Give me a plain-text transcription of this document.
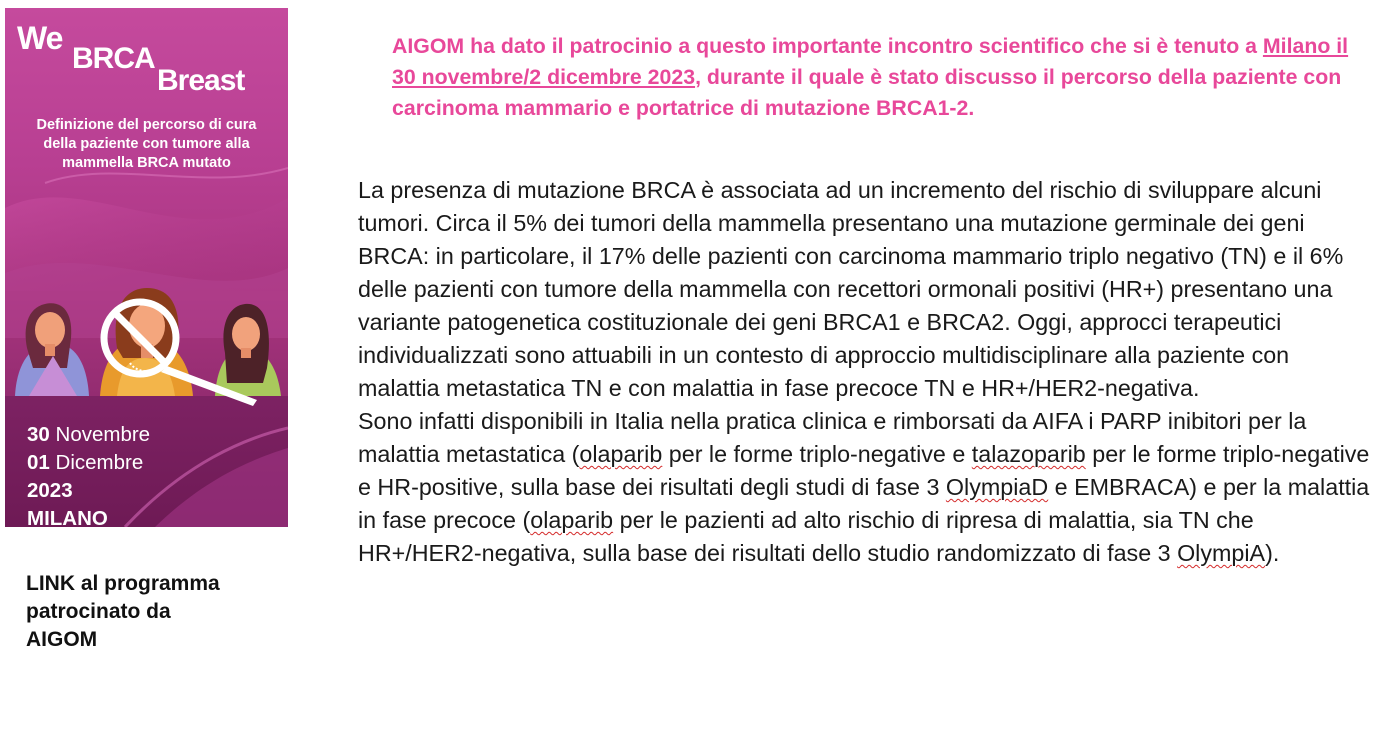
We
BRCA
Breast
Definizione del percorso di cura della paziente con tumore alla mammella BRCA mutato
30 Novembre
01 Dicembre
2023
MILANO
LINK al programma patrocinato da AIGOM
AIGOM ha dato il patrocinio a questo importante incontro scientifico che si è tenuto a Milano il 30 novembre/2 dicembre 2023, durante il quale è stato discusso il percorso della paziente con carcinoma mammario e portatrice di mutazione BRCA1-2.

La presenza di mutazione BRCA è associata ad un incremento del rischio di sviluppare alcuni tumori. Circa il 5% dei tumori della mammella presentano una mutazione germinale dei geni BRCA: in particolare, il 17% delle pazienti con carcinoma mammario triplo negativo (TN) e il 6% delle pazienti con tumore della mammella con recettori ormonali positivi (HR+) presentano una variante patogenetica costituzionale dei geni BRCA1 e BRCA2. Oggi, approcci terapeutici individualizzati sono attuabili in un contesto di approccio multidisciplinare alla paziente con malattia metastatica TN e con malattia in fase precoce TN e HR+/HER2-negativa.

Sono infatti disponibili in Italia nella pratica clinica e rimborsati da AIFA i PARP inibitori per la malattia metastatica (olaparib per le forme triplo-negative e talazoparib per le forme triplo-negative e HR-positive, sulla base dei risultati degli studi di fase 3 OlympiaD e EMBRACA) e per la malattia in fase precoce (olaparib per le pazienti ad alto rischio di ripresa di malattia, sia TN che HR+/HER2-negativa, sulla base dei risultati dello studio randomizzato di fase 3 OlympiA).
